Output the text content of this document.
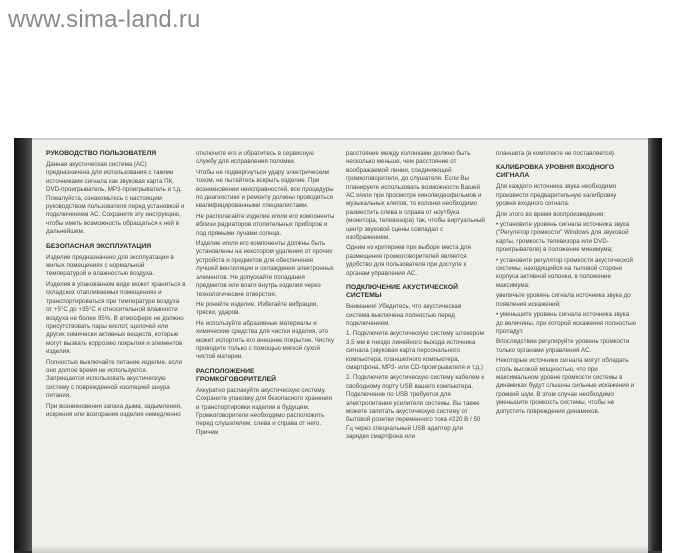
www.sima-land.ru
РУКОВОДСТВО ПОЛЬЗОВАТЕЛЯ

Данная акустическая система (АС) предназначена для использования с такими источниками сигнала как звуковая карта ПК, DVD-проигрыватель, MP3-проигрыватель и т.д. Пожалуйста, ознакомьтесь с настоящим руководством пользователя перед установкой и подключением АС. Сохраните эту инструкцию, чтобы иметь возможность обращаться к ней в дальнейшем.

БЕЗОПАСНАЯ ЭКСПЛУАТАЦИЯ

Изделие предназначено для эксплуатации в жилых помещениях с нормальной температурой и влажностью воздуха.

Изделия в упакованном виде может храниться в складских отапливаемых помещениях и транспортироваться при температуре воздуха от +5°С до +35°С и относительной влажности воздуха не более 95%. В атмосфере не должно присутствовать пары кислот, щелочей или других химически активных веществ, которые могут вызвать коррозию покрытия и элементов изделия.

Полностью выключайте питание изделие, если оно долгое время не используется. Запрещается использовать акустическую систему с поврежденной изоляцией шнура питания.

При возникновении запаха дыма, задымления, искрения или возгорания изделия немедленно

отключите его и обратитесь в сервисную службу для исправления поломки.

Чтобы не подвергнуться удару электрическим током, не пытайтесь вскрыть изделие. При возникновении неисправностей, все процедуры по диагностике и ремонту должны проводиться квалифицированными специалистами.

Не располагайте изделие и/или его компоненты вблизи радиаторов отопительных приборов и под прямыми лучами солнца.

Изделие и/или его компоненты должны быть установлены на некотором удалении от прочих устройств и предметов для обеспечения лучшей вентиляции и охлаждения электронных элементов. Не допускайте попадания предметов или влаги внутрь изделия через технологические отверстия.

Не роняйте изделие. Избегайте вибрации, тряски, ударов.

Не используйте абразивные материалы и химические средства для чистки изделия, это может испортить его внешнее покрытие. Чистку проводите только с помощью мягкой сухой чистой материи.

РАСПОЛОЖЕНИЕ ГРОМКОГОВОРИТЕЛЕЙ

Аккуратно распакуйте акустическую систему. Сохраните упаковку для безопасного хранения и транспортировки изделия в будущем. Громкоговорители необходимо расположить перед слушателем, слева и справа от него. Причем

расстояние между колонками должно быть несколько меньше, чем расстояние от воображаемой линии, соединяющей громкоговорители, до слушателя. Если Вы планируете использовать возможности Вашей АС и/или при просмотре кино/видеофильмов и музыкальных клипов, то колонки необходимо разместить слева и справа от ноутбука (монитора, телевизора) так, чтобы виртуальный центр звуковой сцены совпадал с изображением.

Одним из критериев при выборе места для размещения громкоговорителей является удобство для пользователя при доступе к органам управления АС.

ПОДКЛЮЧЕНИЕ АКУСТИЧЕСКОЙ СИСТЕМЫ

Внимание! Убедитесь, что акустическая система выключена полностью перед подключением.

1. Подключите акустическую систему штекером 3,5 мм в гнездо линейного выхода источника сигнала (звуковая карта персонального компьютера, планшетного компьютера, смартфона, MP3- или CD-проигрывателя и т.д.)

2. Подключите акустическую систему кабелем к свободному порту USB вашего компьютера. Подключение по USB требуется для электропитания усилителя системы. Вы также можете запитать акустическую систему от бытовой розетки переменного тока #220 В / 50 Гц через специальный USB адаптер для зарядки смартфона или

планшета (в комплекте не поставляется).

КАЛИБРОВКА УРОВНЯ ВХОДНОГО СИГНАЛА

Для каждого источника звука необходимо произвести предварительную калибровку уровня входного сигнала.

Для этого во время воспроизведения:

• установите уровень сигнала источника звука ("Регулятор громкости" Windows для звуковой карты, громкость телевизора или DVD-проигрывателя) в положение минимума;

• установите регулятор громкости акустической системы, находящийся на тыловой стороне корпуса активной колонки, в положение максимума;

увеличьте уровень сигнала источника звука до появления искажений;

• уменьшите уровень сигнала источника звука до величины, при которой искажения полностью пропадут.

Впоследствии регулируйте уровень громкости только органами управления АС.

Некоторые источники сигнала могут обладать столь высокой мощностью, что при максимальном уровне громкости системы в динамиках будут слышны сильные искажения и громкий шум. В этом случае необходимо уменьшите громкость системы, чтобы не допустить повреждения динамиков.
